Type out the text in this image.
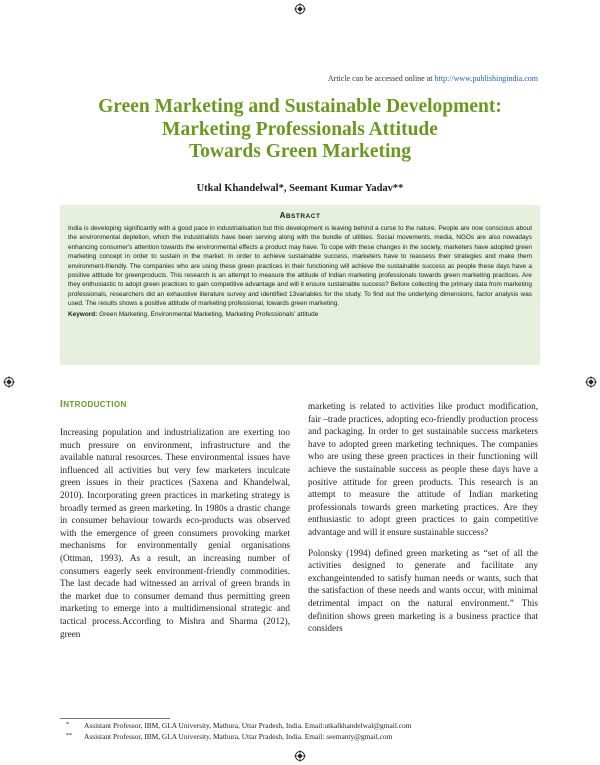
Article can be accessed online at http://www.publishingindia.com
Green Marketing and Sustainable Development:
Marketing Professionals Attitude
Towards Green Marketing
Utkal Khandelwal*, Seemant Kumar Yadav**
ABSTRACT
India is developing significantly with a good pace in industrialisation but this development is leaving behind a curse to the nature. People are now conscious about the environmental depletion, which the industrialists have been serving along with the bundle of utilities. Social movements, media, NGOs are also nowadays enhancing consumer's attention towards the environmental effects a product may have. To cope with these changes in the society, marketers have adopted green marketing concept in order to sustain in the market. In order to achieve sustainable success, marketers have to reassess their strategies and make them environment-friendly. The companies who are using these green practices in their functioning will achieve the sustainable success as people these days have a positive attitude for greenproducts. This research is an attempt to measure the attitude of Indian marketing professionals towards green marketing practices. Are they enthusiastic to adopt green practices to gain competitive advantage and will it ensure sustainable success? Before collecting the primary data from marketing professionals, researchers did an exhaustive literature survey and identified 13variables for the study. To find out the underlying dimensions, factor analysis was used. The results shows a positive attitude of marketing professional, towards green marketing.
Keyword: Green Marketing, Environmental Marketing, Marketing Professionals' attitude
INTRODUCTION

Increasing population and industrialization are exerting too much pressure on environment, infrastructure and the available natural resources. These environmental issues have influenced all activities but very few marketers inculcate green issues in their practices (Saxena and Khandelwal, 2010). Incorporating green practices in marketing strategy is broadly termed as green marketing. In 1980s a drastic change in consumer behaviour towards eco-products was observed with the emergence of green consumers provoking market mechanisms for environmentally genial organisations (Ottman, 1993). As a result, an increasing number of consumers eagerly seek environment-friendly commodities. The last decade had witnessed an arrival of green brands in the market due to consumer demand thus permitting green marketing to emerge into a multidimensional strategic and tactical process.According to Mishra and Sharma (2012), green

marketing is related to activities like product modification, fair –trade practices, adopting eco-friendly production process and packaging. In order to get sustainable success marketers have to adopted green marketing techniques. The companies who are using these green practices in their functioning will achieve the sustainable success as people these days have a positive attitude for green products. This research is an attempt to measure the attitude of Indian marketing professionals towards green marketing practices. Are they enthusiastic to adopt green practices to gain competitive advantage and will it ensure sustainable success?

Polonsky (1994) defined green marketing as “set of all the activities designed to generate and facilitate any exchangeintended to satisfy human needs or wants, such that the satisfaction of these needs and wants occur, with minimal detrimental impact on the natural environment.” This definition shows green marketing is a business practice that considers

* Assistant Professor, IBM, GLA University, Mathura, Uttar Pradesh, India. Email:utkalkhandelwal@gmail.com
** Assistant Professor, IBM, GLA University, Mathura, Uttar Pradesh, India. Email: seemanty@gmail.com
